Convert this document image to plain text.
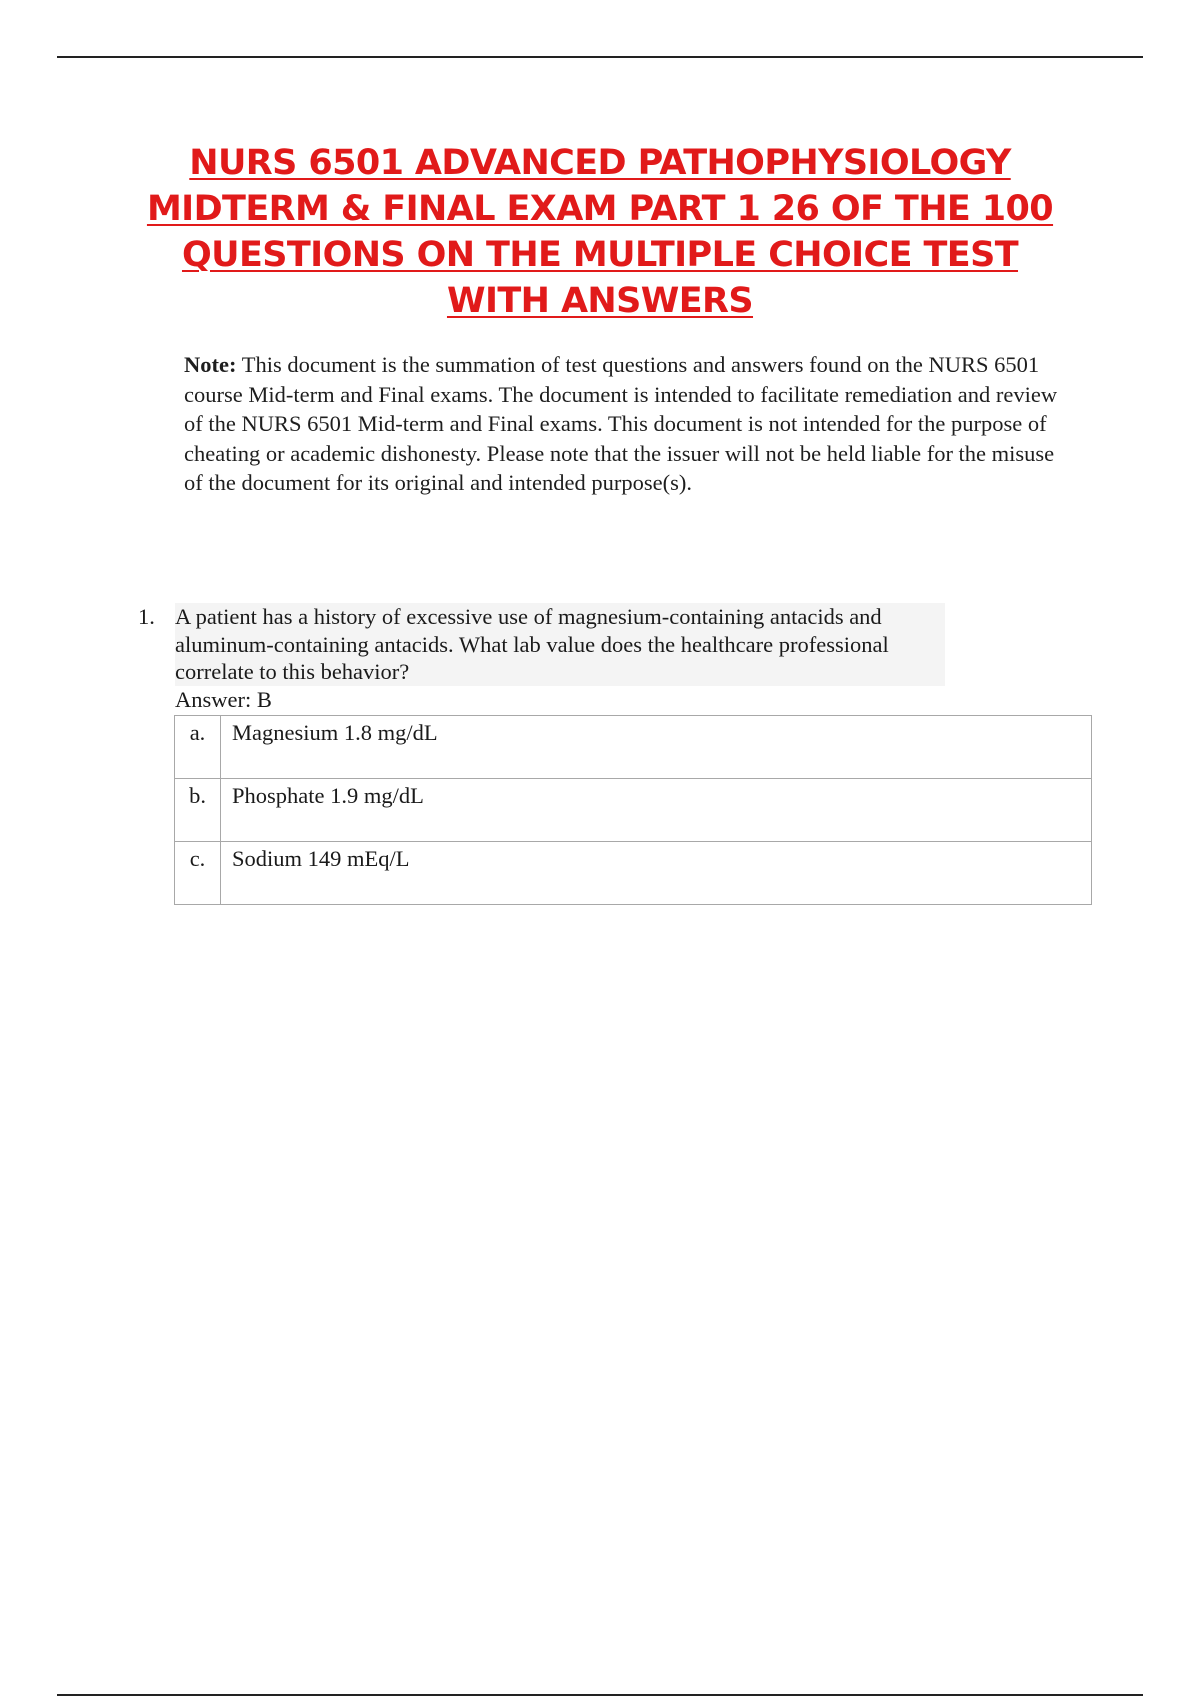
NURS 6501 ADVANCED PATHOPHYSIOLOGY
MIDTERM & FINAL EXAM PART 1 26 OF THE 100
QUESTIONS ON THE MULTIPLE CHOICE TEST
WITH ANSWERS

Note: This document is the summation of test questions and answers found on the NURS 6501 course Mid-term and Final exams. The document is intended to facilitate remediation and review of the NURS 6501 Mid-term and Final exams. This document is not intended for the purpose of cheating or academic dishonesty. Please note that the issuer will not be held liable for the misuse of the document for its original and intended purpose(s).

1. A patient has a history of excessive use of magnesium-containing antacids and aluminum-containing antacids. What lab value does the healthcare professional correlate to this behavior?

Answer: B

a.	Magnesium 1.8 mg/dL
b.	Phosphate 1.9 mg/dL
c.	Sodium 149 mEq/L
